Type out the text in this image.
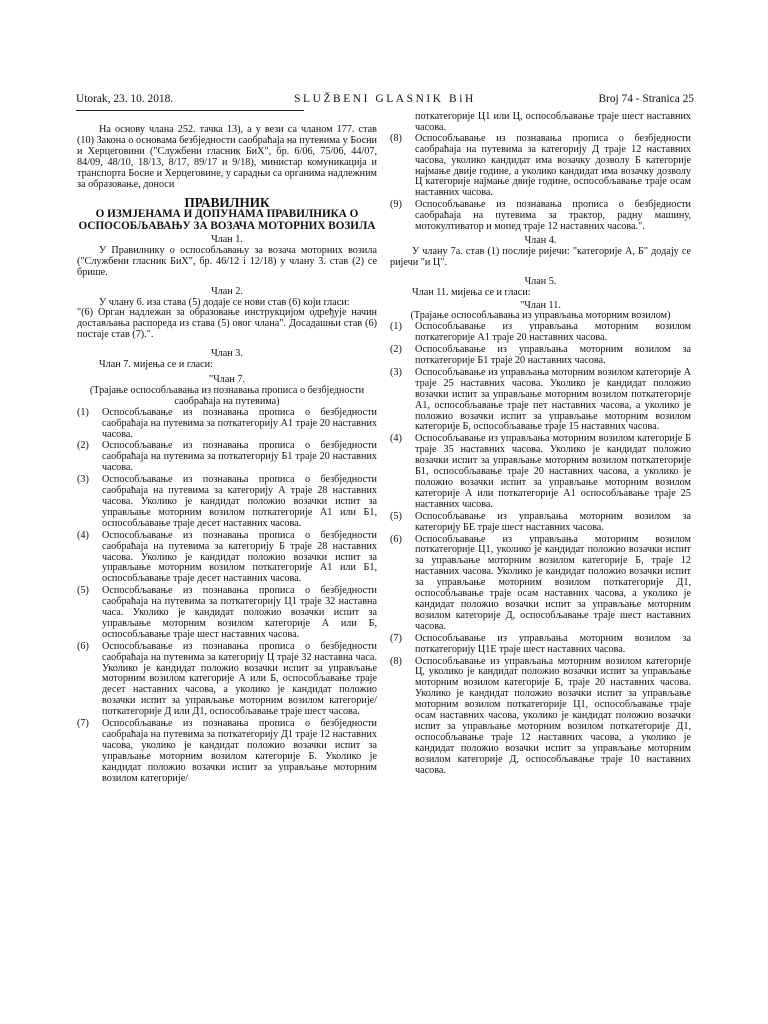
Utorak, 23. 10. 2018.	SLUŽBENI GLASNIK BiH	Broj 74 - Stranica 25

На основу члана 252. тачка 13), а у вези са чланом 177. став (10) Закона о основама безбједности саобраћаја на путевима у Босни и Херцеговини ("Службени гласник БиХ", бр. 6/06, 75/06, 44/07, 84/09, 48/10, 18/13, 8/17, 89/17 и 9/18), министар комуникација и транспорта Босне и Херцеговине, у сарадњи са органима надлежним за образовање, доноси

ПРАВИЛНИК

О ИЗМЈЕНАМА И ДОПУНАМА ПРАВИЛНИКА О ОСПОСОБЉАВАЊУ ЗА ВОЗАЧА МОТОРНИХ ВОЗИЛА

Члан 1.

У Правилнику о оспособљавању за возача моторних возила ("Службени гласник БиХ", бр. 46/12 i 12/18) у члану 3. став (2) се брише.

Члан 2.

У члану 6. иза става (5) додаје се нови став (6) који гласи:

"(6) Орган надлежан за образовање инструкцијом одређује начин достављања распореда из става (5) овог члана". Досадашњи став (6) постаје став (7).".

Члан 3.

Члан 7. мијења се и гласи:

"Члан 7.

(Трајање оспособљавања из познавања прописа о безбједности саобраћаја на путевима)

(1) Оспособљавање из познавања прописа о безбједности саобраћаја на путевима за поткатегорију А1 траје 20 наставних часова.
(2) Оспособљавање из познавања прописа о безбједности саобраћаја на путевима за поткатегорију Б1 траје 20 наставних часова.
(3) Оспособљавање из познавања прописа о безбједности саобраћаја на путевима за категорију А траје 28 наставних часова. Уколико је кандидат положио возачки испит за управљање моторним возилом поткатегорије А1 или Б1, оспособљавање траје десет наставних часова.
(4) Оспособљавање из познавања прописа о безбједности саобраћаја на путевима за категорију Б траје 28 наставних часова. Уколико је кандидат положио возачки испит за управљање моторним возилом поткатегорије А1 или Б1, оспособљавање траје десет наставних часова.
(5) Оспособљавање из познавања прописа о безбједности саобраћаја на путевима за поткатегорију Ц1 траје 32 наставна часа. Уколико је кандидат положио возачки испит за управљање моторним возилом категорије А или Б, оспособљавање траје шест наставних часова.
(6) Оспособљавање из познавања прописа о безбједности саобраћаја на путевима за категорију Ц траје 32 наставна часа. Уколико је кандидат положио возачки испит за управљање моторним возилом категорије А или Б, оспособљавање траје десет наставних часова, а уколико је кандидат положио возачки испит за управљање моторним возилом категорије/поткатегорије Д или Д1, оспособљавање траје шест часова.
(7) Оспособљавање из познавања прописа о безбједности саобраћаја на путевима за поткатегорију Д1 траје 12 наставних часова, уколико је кандидат положио возачки испит за управљање моторним возилом категорије Б. Уколико је кандидат положио возачки испит за управљање моторним возилом категорије/

поткатегорије Ц1 или Ц, оспособљавање траје шест наставних часова.

(8) Оспособљавање из познавања прописа о безбједности саобраћаја на путевима за категорију Д траје 12 наставних часова, уколико кандидат има возачку дозволу Б категорије најмање двије године, а уколико кандидат има возачку дозволу Ц категорије најмање двије године, оспособљавање траје осам наставних часова.
(9) Оспособљавање из познавања прописа о безбједности саобраћаја на путевима за трактор, радну машину, мотокултиватор и мопед траје 12 наставних часова.".

Члан 4.

У члану 7а. став (1) послије ријечи: "категорије А, Б" додају се ријечи "и Ц".

Члан 5.

Члан 11. мијења се и гласи:

"Члан 11.

(Трајање оспособљавања из управљања моторним возилом)

(1) Оспособљавање из управљања моторним возилом поткатегорије А1 траје 20 наставних часова.
(2) Оспособљавање из управљања моторним возилом за поткатегорије Б1 траје 20 наставних часова.
(3) Оспособљавање из управљања моторним возилом категорије А траје 25 наставних часова. Уколико је кандидат положио возачки испит за управљање моторним возилом поткатегорије А1, оспособљавање траје пет наставних часова, а уколико је положио возачки испит за управљање моторним возилом категорије Б, оспособљавање траје 15 наставних часова.
(4) Оспособљавање из управљања моторним возилом категорије Б траје 35 наставних часова. Уколико је кандидат положио возачки испит за управљање моторним возилом поткатегорије Б1, оспособљавање траје 20 наставних часова, а уколико је положио возачки испит за управљање моторним возилом категорије А или поткатегорије А1 оспособљавање траје 25 наставних часова.
(5) Оспособљавање из управљања моторним возилом за категорију БЕ траје шест наставних часова.
(6) Оспособљавање из управљања моторним возилом поткатегорије Ц1, уколико је кандидат положио возачки испит за управљање моторним возилом категорије Б, траје 12 наставних часова. Уколико је кандидат положио возачки испит за управљање моторним возилом поткатегорије Д1, оспособљавање траје осам наставних часова, а уколико је кандидат положио возачки испит за управљање моторним возилом категорије Д, оспособљавање траје шест наставних часова.
(7) Оспособљавање из управљања моторним возилом за поткатегорију Ц1Е траје шест наставних часова.
(8) Оспособљавање из управљања моторним возилом категорије Ц, уколико је кандидат положио возачки испит за управљање моторним возилом категорије Б, траје 20 наставних часова. Уколико је кандидат положио возачки испит за управљање моторним возилом поткатегорије Ц1, оспособљавање траје осам наставних часова, уколико је кандидат положио возачки испит за управљање моторним возилом поткатегорије Д1, оспособљавање траје 12 наставних часова, а уколико је кандидат положио возачки испит за управљање моторним возилом категорије Д, оспособљавање траје 10 наставних часова.
